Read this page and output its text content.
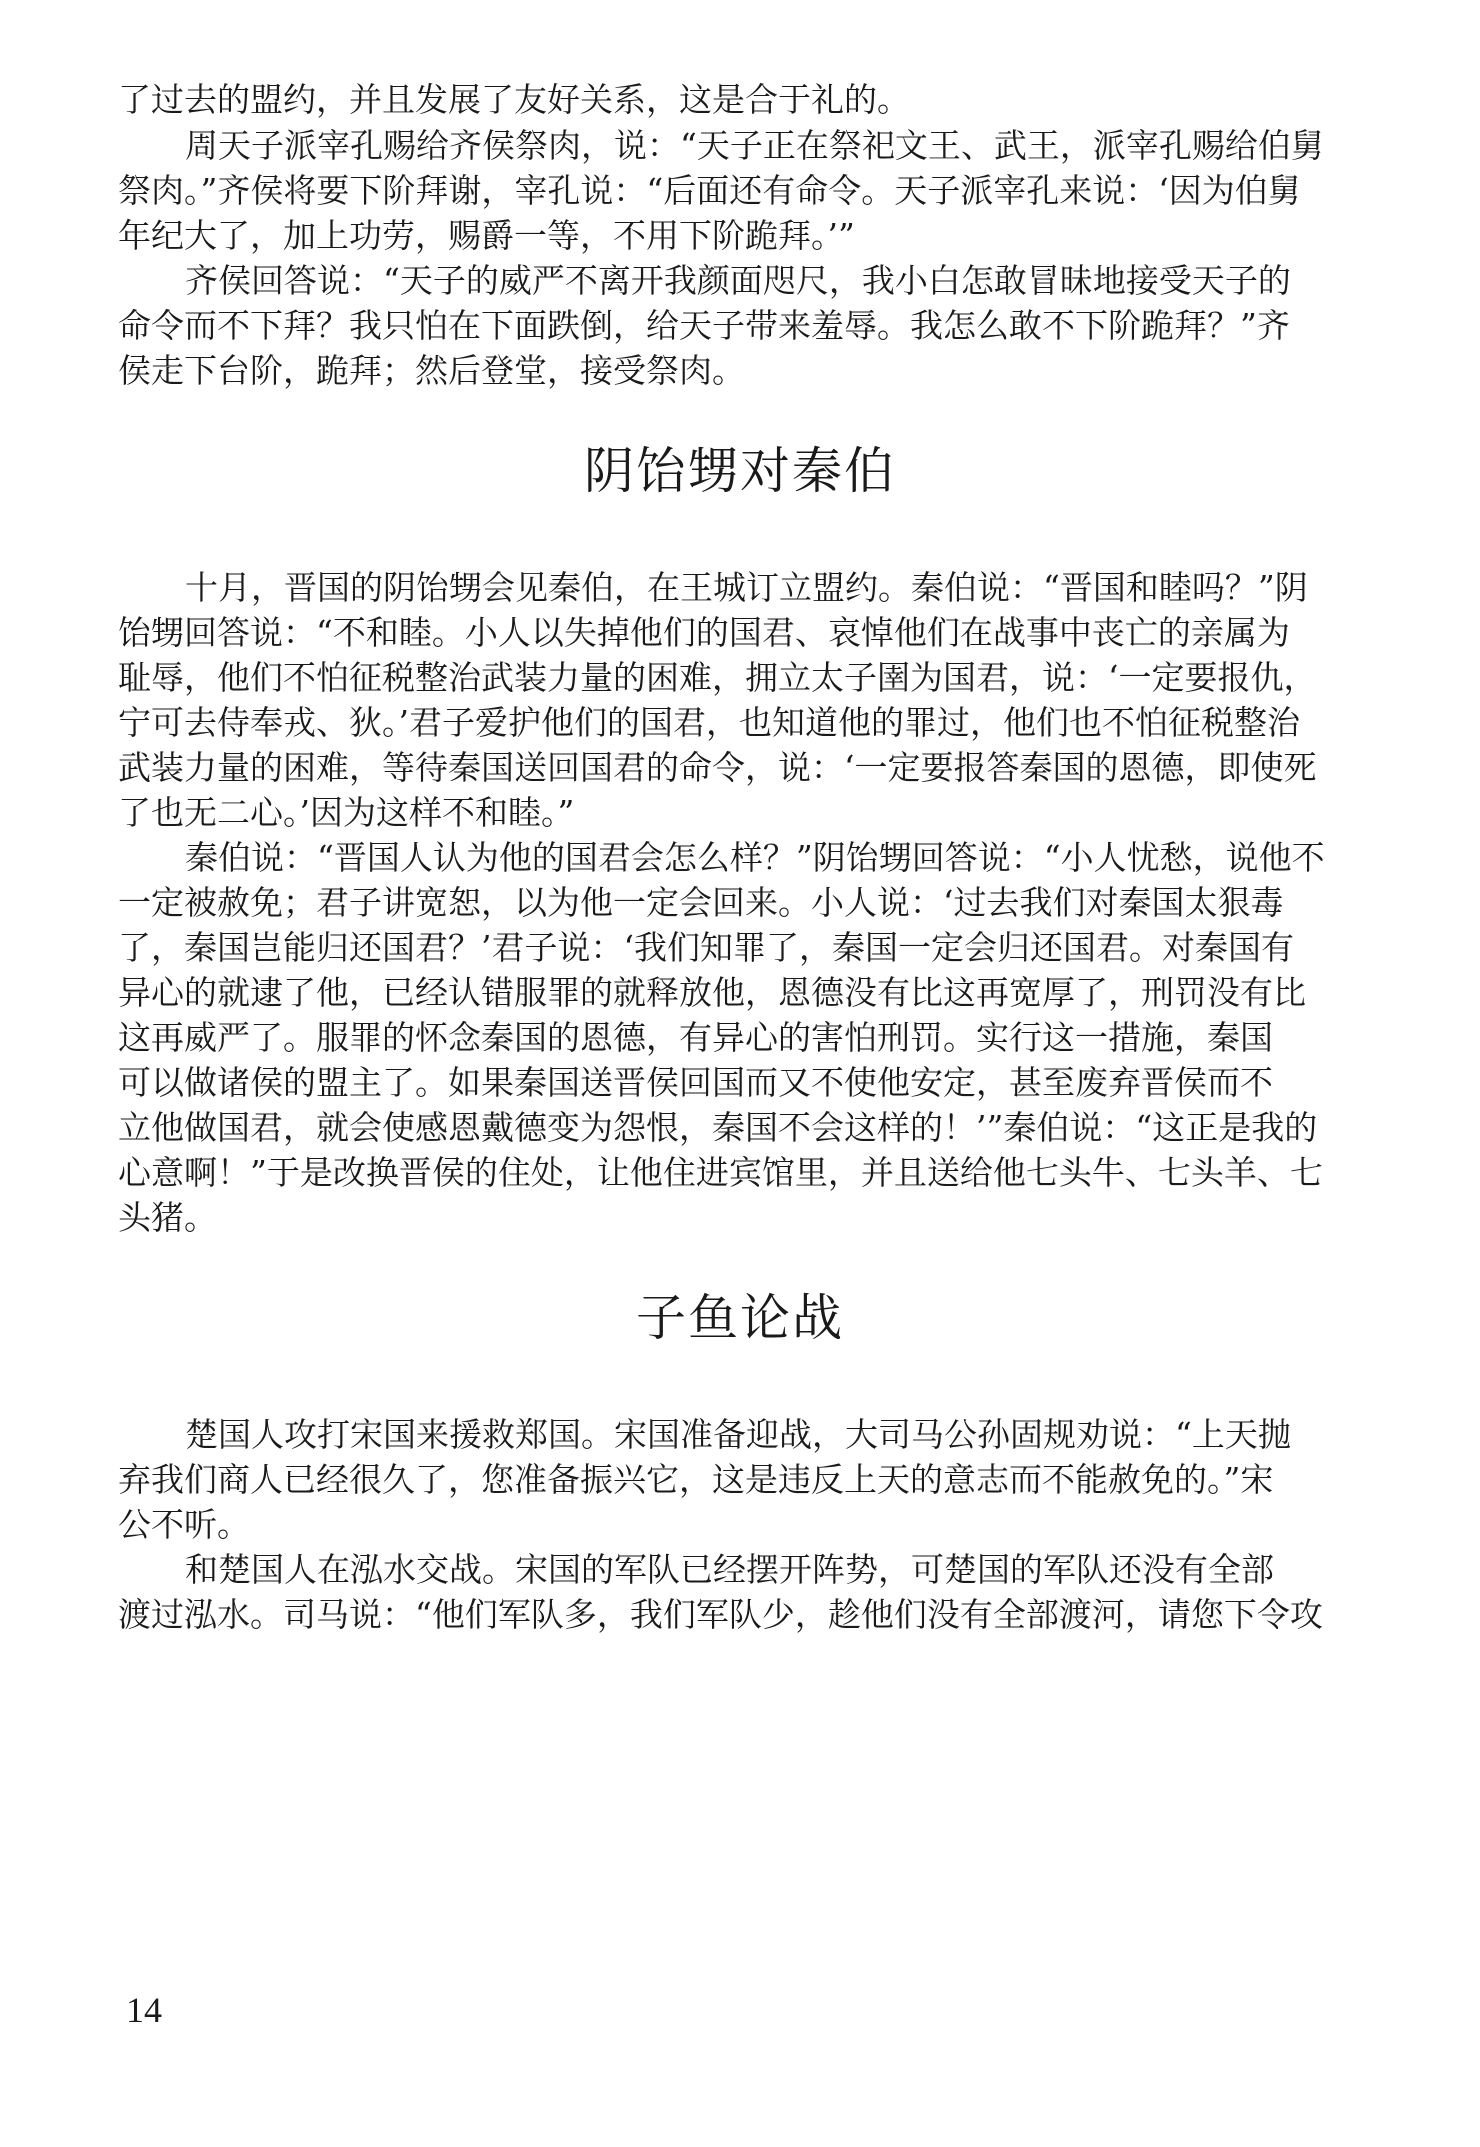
了过去的盟约，并且发展了友好关系，这是合于礼的。
周天子派宰孔赐给齐侯祭肉，说：“天子正在祭祀文王、武王，派宰孔赐给伯舅
祭肉。”齐侯将要下阶拜谢，宰孔说：“后面还有命令。天子派宰孔来说：‘因为伯舅
年纪大了，加上功劳，赐爵一等，不用下阶跪拜。’”
齐侯回答说：“天子的威严不离开我颜面咫尺，我小白怎敢冒昧地接受天子的
命令而不下拜？我只怕在下面跌倒，给天子带来羞辱。我怎么敢不下阶跪拜？”齐
侯走下台阶，跪拜；然后登堂，接受祭肉。
阴饴甥对秦伯
十月，晋国的阴饴甥会见秦伯，在王城订立盟约。秦伯说：“晋国和睦吗？”阴
饴甥回答说：“不和睦。小人以失掉他们的国君、哀悼他们在战事中丧亡的亲属为
耻辱，他们不怕征税整治武装力量的困难，拥立太子圉为国君，说：‘一定要报仇，
宁可去侍奉戎、狄。’君子爱护他们的国君，也知道他的罪过，他们也不怕征税整治
武装力量的困难，等待秦国送回国君的命令，说：‘一定要报答秦国的恩德，即使死
了也无二心。’因为这样不和睦。”
秦伯说：“晋国人认为他的国君会怎么样？”阴饴甥回答说：“小人忧愁，说他不
一定被赦免；君子讲宽恕，以为他一定会回来。小人说：‘过去我们对秦国太狠毒
了，秦国岂能归还国君？’君子说：‘我们知罪了，秦国一定会归还国君。对秦国有
异心的就逮了他，已经认错服罪的就释放他，恩德没有比这再宽厚了，刑罚没有比
这再威严了。服罪的怀念秦国的恩德，有异心的害怕刑罚。实行这一措施，秦国
可以做诸侯的盟主了。如果秦国送晋侯回国而又不使他安定，甚至废弃晋侯而不
立他做国君，就会使感恩戴德变为怨恨，秦国不会这样的！’”秦伯说：“这正是我的
心意啊！”于是改换晋侯的住处，让他住进宾馆里，并且送给他七头牛、七头羊、七
头猪。
子鱼论战
楚国人攻打宋国来援救郑国。宋国准备迎战，大司马公孙固规劝说：“上天抛
弃我们商人已经很久了，您准备振兴它，这是违反上天的意志而不能赦免的。”宋
公不听。
和楚国人在泓水交战。宋国的军队已经摆开阵势，可楚国的军队还没有全部
渡过泓水。司马说：“他们军队多，我们军队少，趁他们没有全部渡河，请您下令攻
14
